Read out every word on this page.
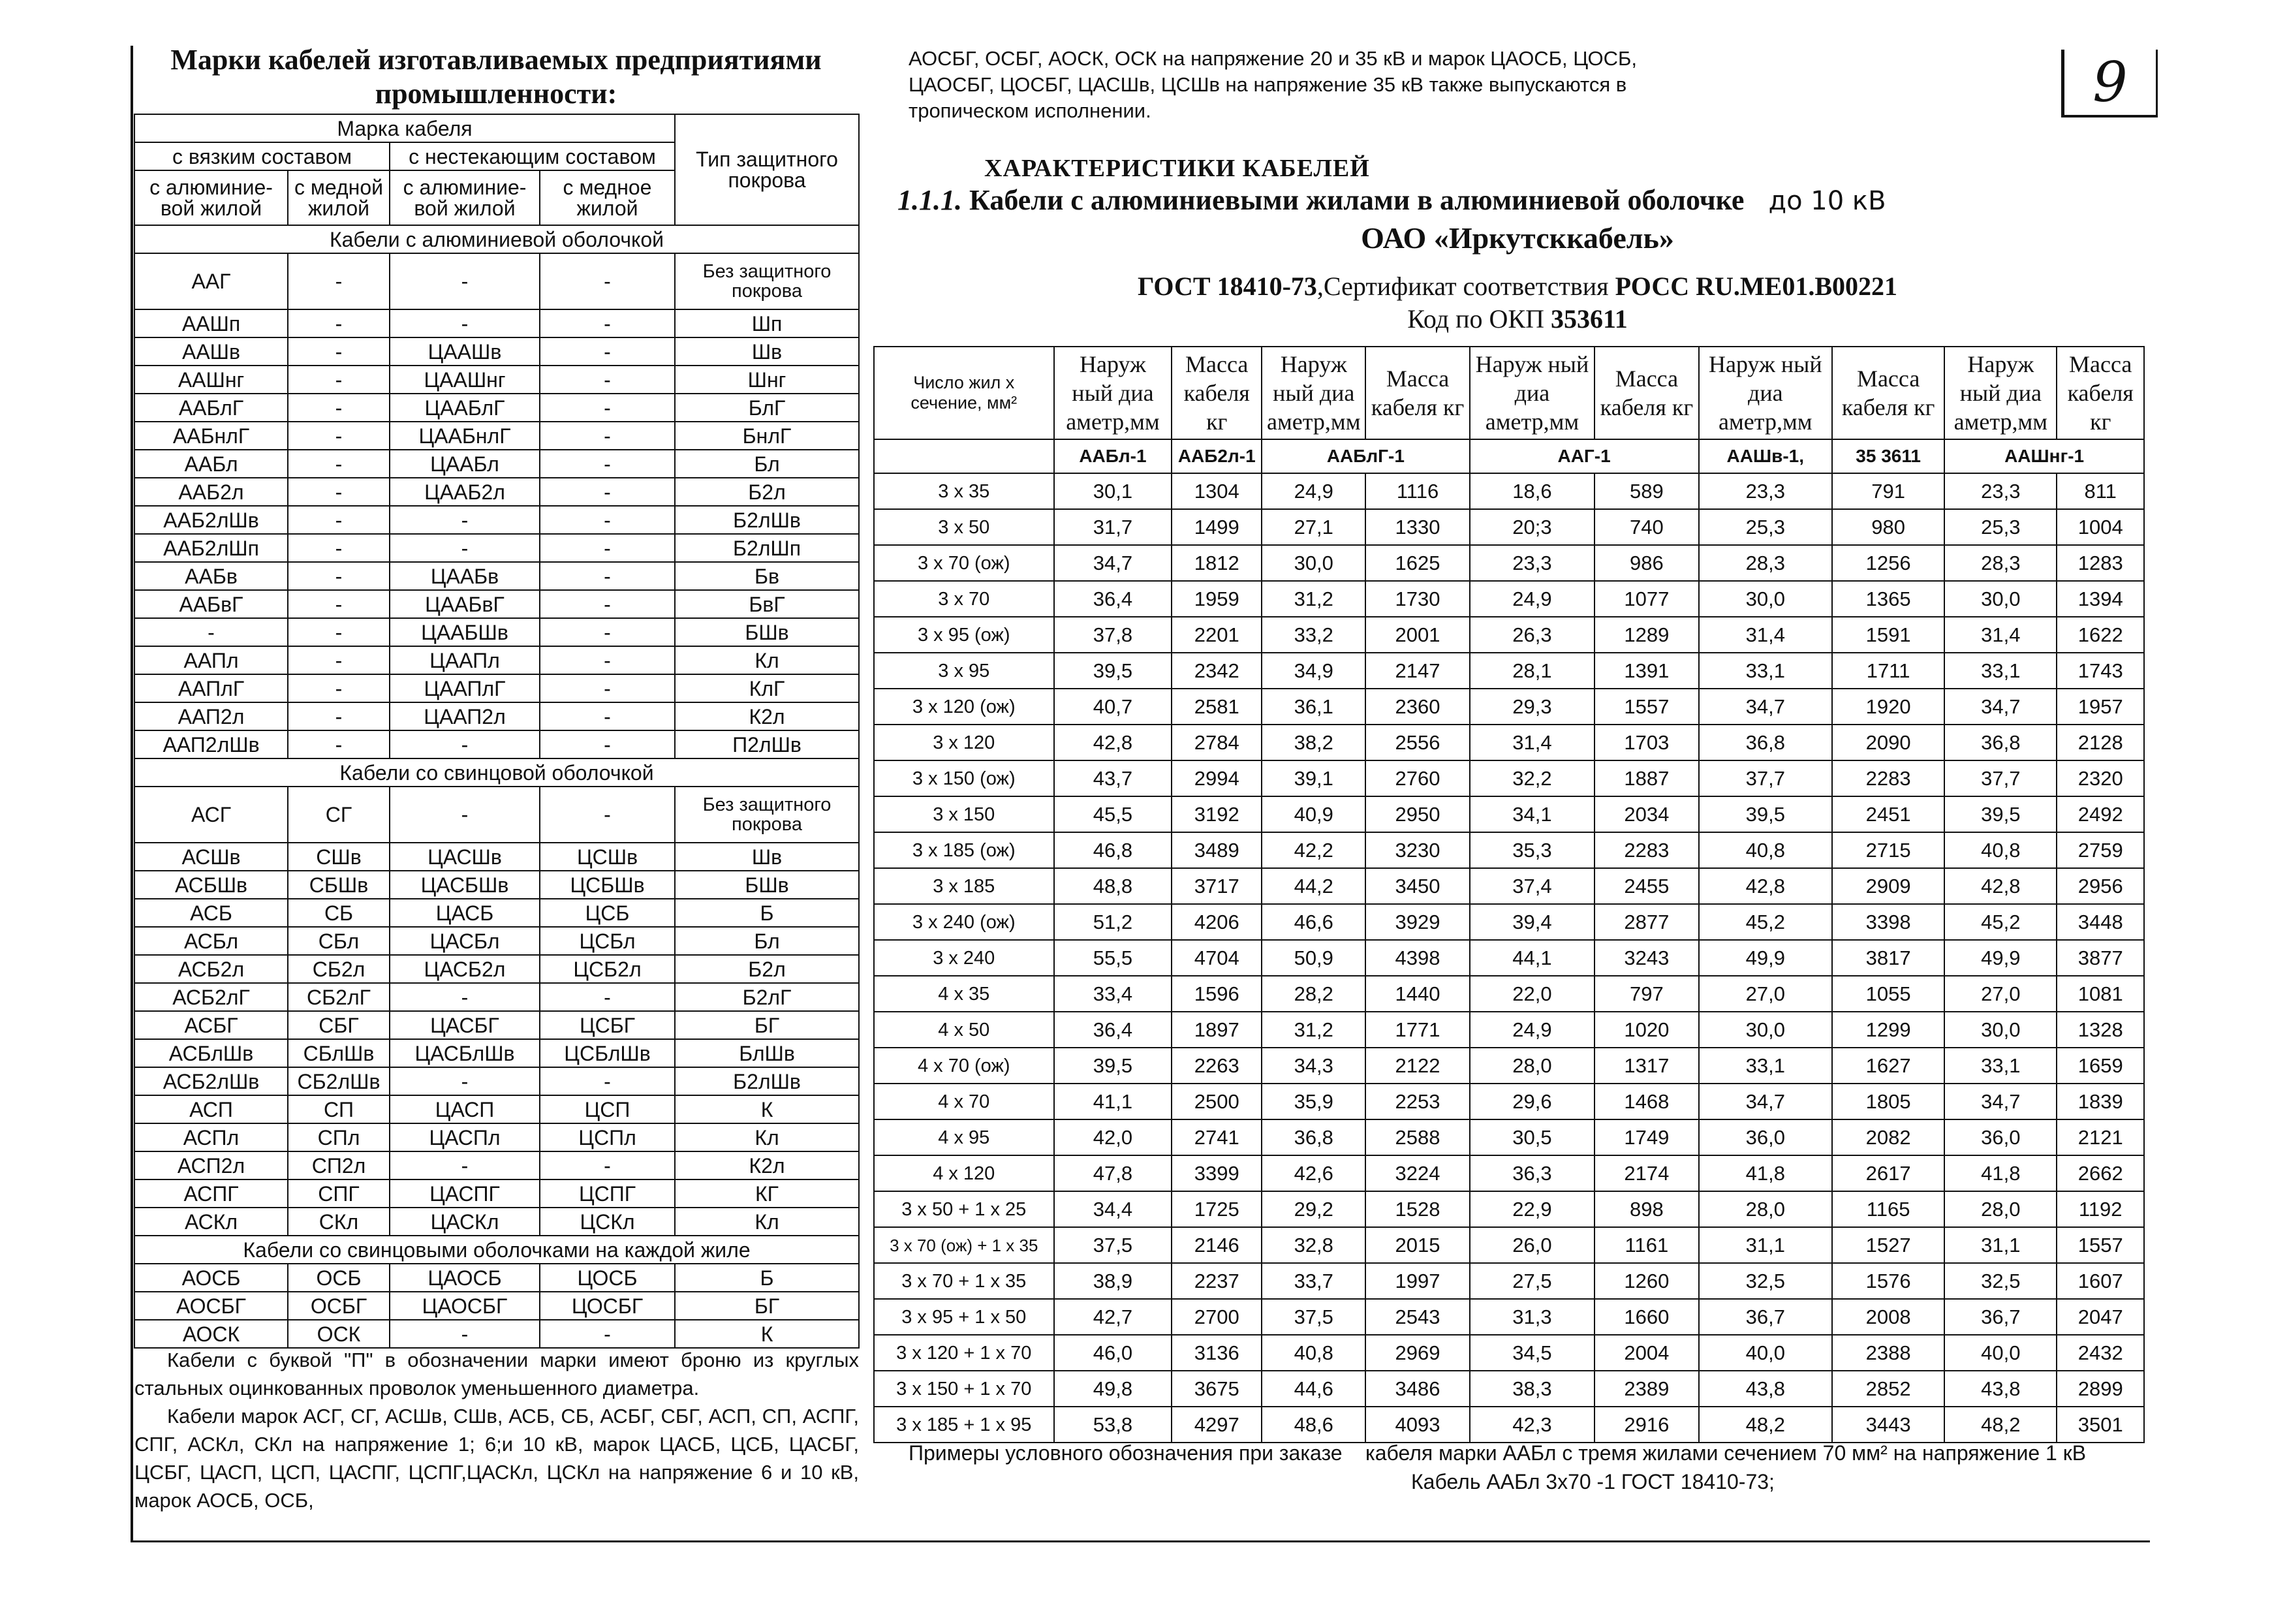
9
Марки кабелей изготавливаемых предприятиями промышленности:
Марка кабеля				Тип защитного покрова
с вязким составом		с нестекающим составом		
с алюминие-вой жилой	с медной жилой	с алюминие-вой жилой	с медное жилой	
Кабели с алюминиевой оболочкой				
ААГ	-	-	-	Без защитного покрова
ААШп	-	-	-	Шп
ААШв	-	ЦААШв	-	Шв
ААШнг	-	ЦААШнг	-	Шнг
ААБлГ	-	ЦААБлГ	-	БлГ
ААБнлГ	-	ЦААБнлГ	-	БнлГ
ААБл	-	ЦААБл	-	Бл
ААБ2л	-	ЦААБ2л	-	Б2л
ААБ2лШв	-	-	-	Б2лШв
ААБ2лШп	-	-	-	Б2лШп
ААБв	-	ЦААБв	-	Бв
ААБвГ	-	ЦААБвГ	-	БвГ
-	-	ЦААБШв	-	БШв
ААПл	-	ЦААПл	-	Кл
ААПлГ	-	ЦААПлГ	-	КлГ
ААП2л	-	ЦААП2л	-	К2л
ААП2лШв	-	-	-	П2лШв
Кабели со свинцовой оболочкой				
АСГ	СГ	-	-	Без защитного покрова
АСШв	СШв	ЦАСШв	ЦСШв	Шв
АСБШв	СБШв	ЦАСБШв	ЦСБШв	БШв
АСБ	СБ	ЦАСБ	ЦСБ	Б
АСБл	СБл	ЦАСБл	ЦСБл	Бл
АСБ2л	СБ2л	ЦАСБ2л	ЦСБ2л	Б2л
АСБ2лГ	СБ2лГ	-	-	Б2лГ
АСБГ	СБГ	ЦАСБГ	ЦСБГ	БГ
АСБлШв	СБлШв	ЦАСБлШв	ЦСБлШв	БлШв
АСБ2лШв	СБ2лШв	-	-	Б2лШв
АСП	СП	ЦАСП	ЦСП	К
АСПл	СПл	ЦАСПл	ЦСПл	Кл
АСП2л	СП2л	-	-	К2л
АСПГ	СПГ	ЦАСПГ	ЦСПГ	КГ
АСКл	СКл	ЦАСКл	ЦСКл	Кл
Кабели со свинцовыми оболочками на каждой жиле				
АОСБ	ОСБ	ЦАОСБ	ЦОСБ	Б
АОСБГ	ОСБГ	ЦАОСБГ	ЦОСБГ	БГ
АОСК	ОСК	-	-	К

Кабели с буквой "П" в обозначении марки имеют броню из круглых стальных оцинкованных проволок уменьшенного диаметра.

Кабели марок АСГ, СГ, АСШв, СШв, АСБ, СБ, АСБГ, СБГ, АСП, СП, АСПГ, СПГ, АСКл, СКл на напряжение 1; 6;и 10 кВ, марок ЦАСБ, ЦСБ, ЦАСБГ, ЦСБГ, ЦАСП, ЦСП, ЦАСПГ, ЦСПГ,ЦАСКл, ЦСКл на напряжение 6 и 10 кВ, марок АОСБ, ОСБ,

АОСБГ, ОСБГ, АОСК, ОСК на напряжение 20 и 35 кВ и марок ЦАОСБ, ЦОСБ, ЦАОСБГ, ЦОСБГ, ЦАСШв, ЦСШв на напряжение 35 кВ также выпускаются в тропическом исполнении.
ХАРАКТЕРИСТИКИ КАБЕЛЕЙ
1.1.1. Кабели с алюминиевыми жилами в алюминиевой оболочке до 10 кВ
ОАО «Иркутсккабель»
ГОСТ 18410-73,Сертификат соответствия РОСС RU.МЕ01.В00221
Код по ОКП 353611
Число жил х сечение, мм²	Наруж ный диа аметр,мм	Масса кабеля кг	Наруж ный диа аметр,мм	Масса кабеля кг	Наруж ный диа аметр,мм	Масса кабеля кг	Наруж ный диа аметр,мм	Масса кабеля кг	Наруж ный диа аметр,мм	Масса кабеля кг
	ААБл-1	ААБ2л-1	ААБлГ-1		ААГ-1		ААШв-1,	35 3611	ААШнг-1	
3 х 35	30,1	1304	24,9	1116	18,6	589	23,3	791	23,3	811
3 х 50	31,7	1499	27,1	1330	20;3	740	25,3	980	25,3	1004
3 х 70 (ож)	34,7	1812	30,0	1625	23,3	986	28,3	1256	28,3	1283
3 х 70	36,4	1959	31,2	1730	24,9	1077	30,0	1365	30,0	1394
3 х 95 (ож)	37,8	2201	33,2	2001	26,3	1289	31,4	1591	31,4	1622
3 х 95	39,5	2342	34,9	2147	28,1	1391	33,1	1711	33,1	1743
3 х 120 (ож)	40,7	2581	36,1	2360	29,3	1557	34,7	1920	34,7	1957
3 х 120	42,8	2784	38,2	2556	31,4	1703	36,8	2090	36,8	2128
3 х 150 (ож)	43,7	2994	39,1	2760	32,2	1887	37,7	2283	37,7	2320
3 х 150	45,5	3192	40,9	2950	34,1	2034	39,5	2451	39,5	2492
3 х 185 (ож)	46,8	3489	42,2	3230	35,3	2283	40,8	2715	40,8	2759
3 х 185	48,8	3717	44,2	3450	37,4	2455	42,8	2909	42,8	2956
3 х 240 (ож)	51,2	4206	46,6	3929	39,4	2877	45,2	3398	45,2	3448
3 х 240	55,5	4704	50,9	4398	44,1	3243	49,9	3817	49,9	3877
4 х 35	33,4	1596	28,2	1440	22,0	797	27,0	1055	27,0	1081
4 х 50	36,4	1897	31,2	1771	24,9	1020	30,0	1299	30,0	1328
4 х 70 (ож)	39,5	2263	34,3	2122	28,0	1317	33,1	1627	33,1	1659
4 х 70	41,1	2500	35,9	2253	29,6	1468	34,7	1805	34,7	1839
4 х 95	42,0	2741	36,8	2588	30,5	1749	36,0	2082	36,0	2121
4 х 120	47,8	3399	42,6	3224	36,3	2174	41,8	2617	41,8	2662
3 х 50 + 1 х 25	34,4	1725	29,2	1528	22,9	898	28,0	1165	28,0	1192
3 х 70 (ож) + 1 х 35	37,5	2146	32,8	2015	26,0	1161	31,1	1527	31,1	1557
3 х 70 + 1 х 35	38,9	2237	33,7	1997	27,5	1260	32,5	1576	32,5	1607
3 х 95 + 1 х 50	42,7	2700	37,5	2543	31,3	1660	36,7	2008	36,7	2047
3 х 120 + 1 х 70	46,0	3136	40,8	2969	34,5	2004	40,0	2388	40,0	2432
3 х 150 + 1 х 70	49,8	3675	44,6	3486	38,3	2389	43,8	2852	43,8	2899
3 х 185 + 1 х 95	53,8	4297	48,6	4093	42,3	2916	48,2	3443	48,2	3501
Примеры условного обозначения при заказе	кабеля марки ААБл с тремя жилами сечением 70 мм² на напряжение 1 кВ
Кабель ААБл 3х70 -1 ГОСТ 18410-73;
